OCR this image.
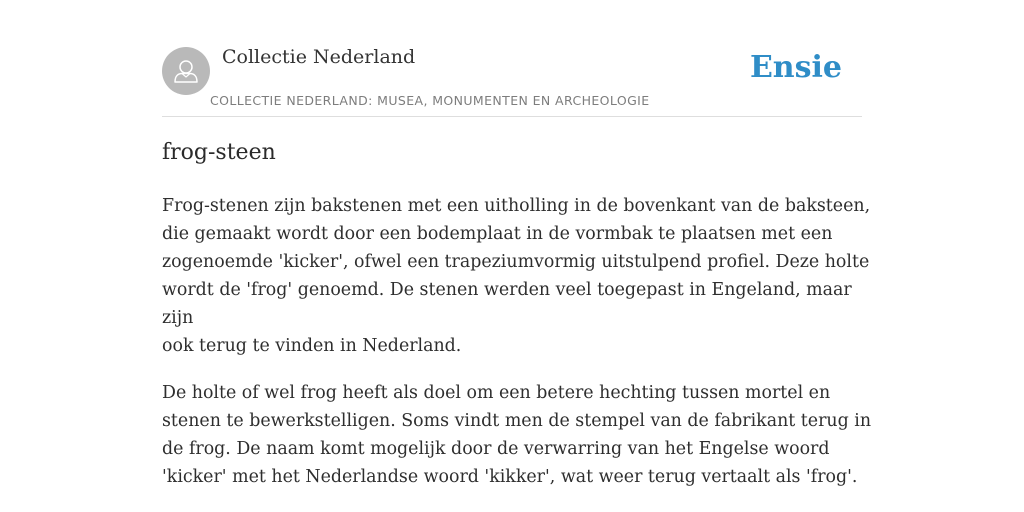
Collectie Nederland
COLLECTIE NEDERLAND: MUSEA, MONUMENTEN EN ARCHEOLOGIE
Ensie
frog-steen

Frog-stenen zijn bakstenen met een uitholling in de bovenkant van de baksteen,
die gemaakt wordt door een bodemplaat in de vormbak te plaatsen met een
zogenoemde 'kicker', ofwel een trapeziumvormig uitstulpend profiel. Deze holte
wordt de 'frog' genoemd. De stenen werden veel toegepast in Engeland, maar zijn
ook terug te vinden in Nederland.

De holte of wel frog heeft als doel om een betere hechting tussen mortel en
stenen te bewerkstelligen. Soms vindt men de stempel van de fabrikant terug in
de frog. De naam komt mogelijk door de verwarring van het Engelse woord
'kicker' met het Nederlandse woord 'kikker', wat weer terug vertaalt als 'frog'.
